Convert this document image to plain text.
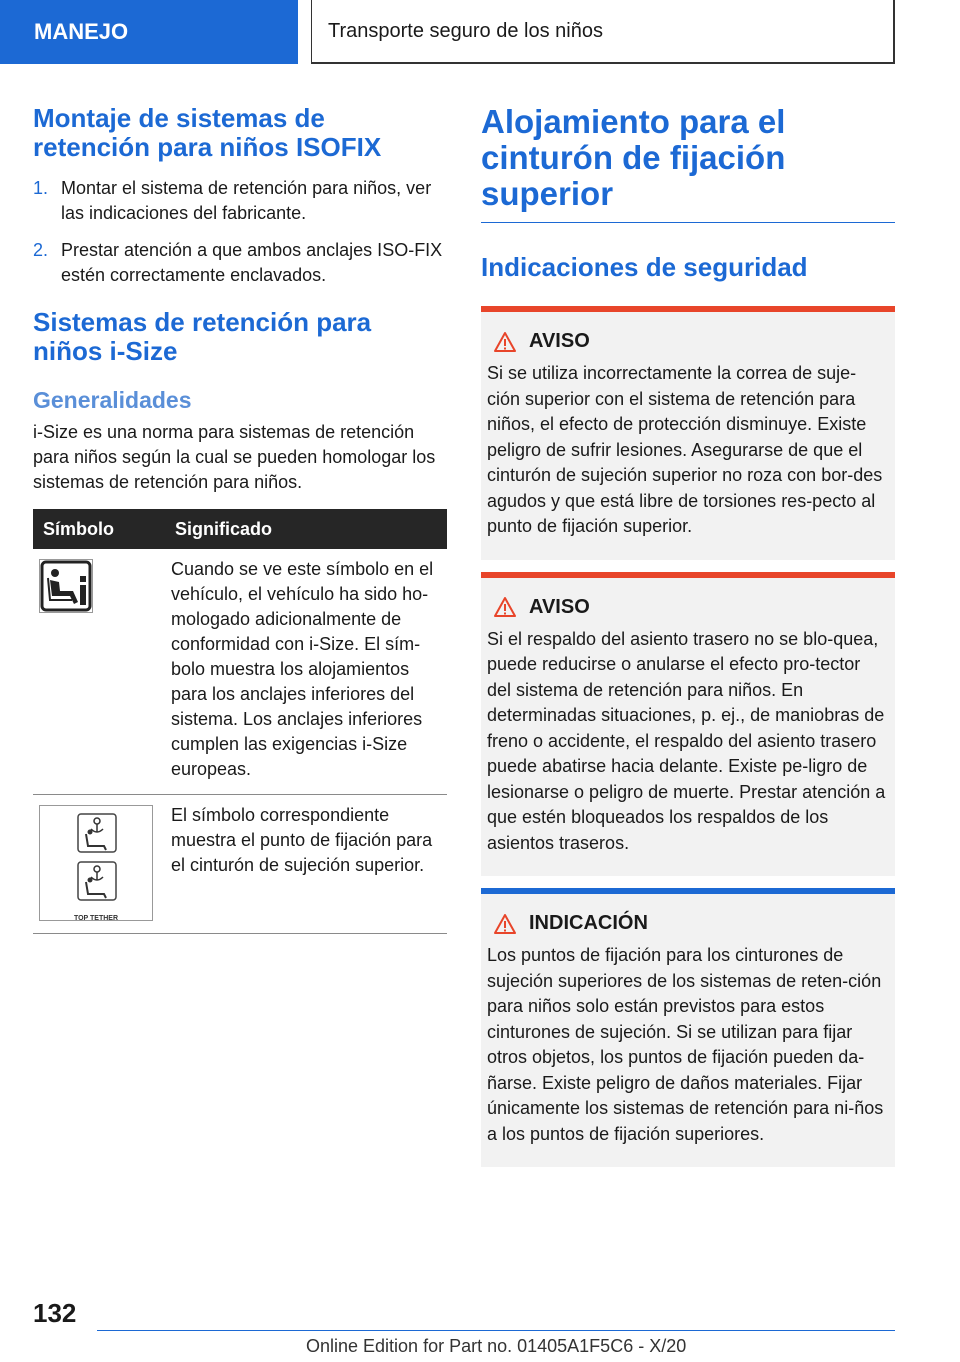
MANEJO	Transporte seguro de los niños
Montaje de sistemas de retención para niños ISOFIX
1. Montar el sistema de retención para niños, ver las indicaciones del fabricante.
2. Prestar atención a que ambos anclajes ISO-FIX estén correctamente enclavados.
Sistemas de retención para niños i-Size
Generalidades

i-Size es una norma para sistemas de retención para niños según la cual se pueden homologar los sistemas de retención para niños.

Símbolo	Significado

	Cuando se ve este símbolo en el vehículo, el vehículo ha sido ho-mologado adicionalmente de conformidad con i-Size. El sím-bolo muestra los alojamientos para los anclajes inferiores del sistema. Los anclajes inferiores cumplen las exigencias i-Size europeas.

TOP TETHER	El símbolo correspondiente muestra el punto de fijación para el cinturón de sujeción superior.
Alojamiento para el cinturón de fijación superior
Indicaciones de seguridad
AVISO

Si se utiliza incorrectamente la correa de suje-ción superior con el sistema de retención para niños, el efecto de protección disminuye. Existe peligro de sufrir lesiones. Asegurarse de que el cinturón de sujeción superior no roza con bor-des agudos y que está libre de torsiones res-pecto al punto de fijación superior.

AVISO

Si el respaldo del asiento trasero no se blo-quea, puede reducirse o anularse el efecto pro-tector del sistema de retención para niños. En determinadas situaciones, p. ej., de maniobras de freno o accidente, el respaldo del asiento trasero puede abatirse hacia delante. Existe pe-ligro de lesionarse o peligro de muerte. Prestar atención a que estén bloqueados los respaldos de los asientos traseros.

INDICACIÓN

Los puntos de fijación para los cinturones de sujeción superiores de los sistemas de reten-ción para niños solo están previstos para estos cinturones de sujeción. Si se utilizan para fijar otros objetos, los puntos de fijación pueden da-ñarse. Existe peligro de daños materiales. Fijar únicamente los sistemas de retención para ni-ños a los puntos de fijación superiores.

132
Online Edition for Part no. 01405A1F5C6 - X/20
